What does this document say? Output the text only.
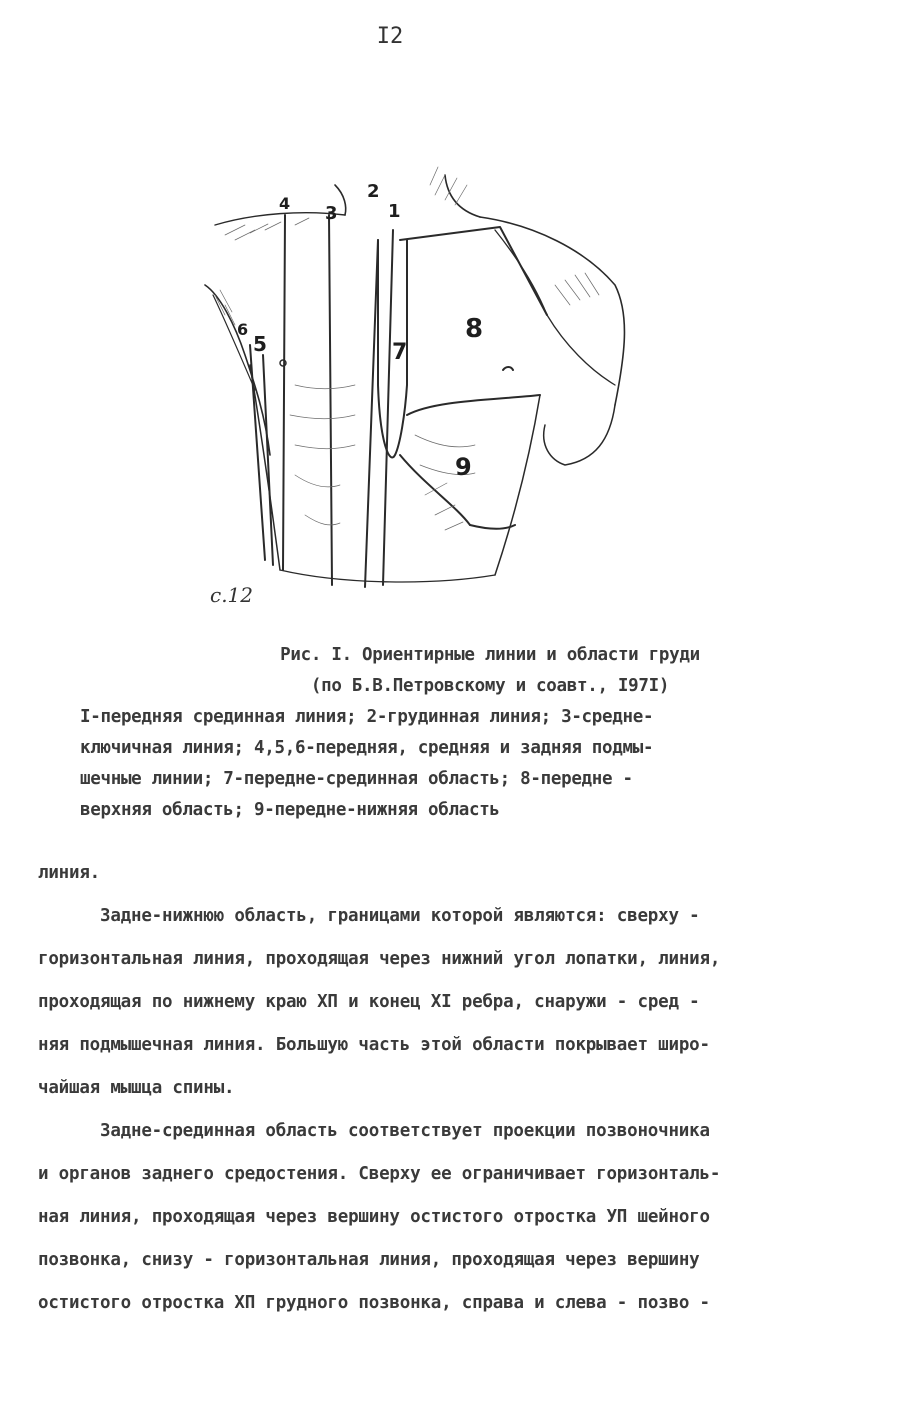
I2
1
2
3
4
5
6
7
8
9
c.12
Рис. I. Ориентирные линии и области груди
(по Б.В.Петровскому и соавт., I97I)
I-передняя срединная линия; 2-грудинная линия; 3-средне-
ключичная линия; 4,5,6-передняя, средняя и задняя подмы-
шечные линии; 7-передне-срединная область; 8-передне -
верхняя область; 9-передне-нижняя область

линия.

Задне-нижнюю область, границами которой являются: сверху -
горизонтальная линия, проходящая через нижний угол лопатки, линия,
проходящая по нижнему краю ХП и конец XI ребра, снаружи - сред -
няя подмышечная линия. Большую часть этой области покрывает широ-
чайшая мышца спины.

Задне-срединная область соответствует проекции позвоночника
и органов заднего средостения. Сверху ее ограничивает горизонталь-
ная линия, проходящая через вершину остистого отростка УП шейного
позвонка, снизу - горизонтальная линия, проходящая через вершину
остистого отростка ХП грудного позвонка, справа и слева - позво -
